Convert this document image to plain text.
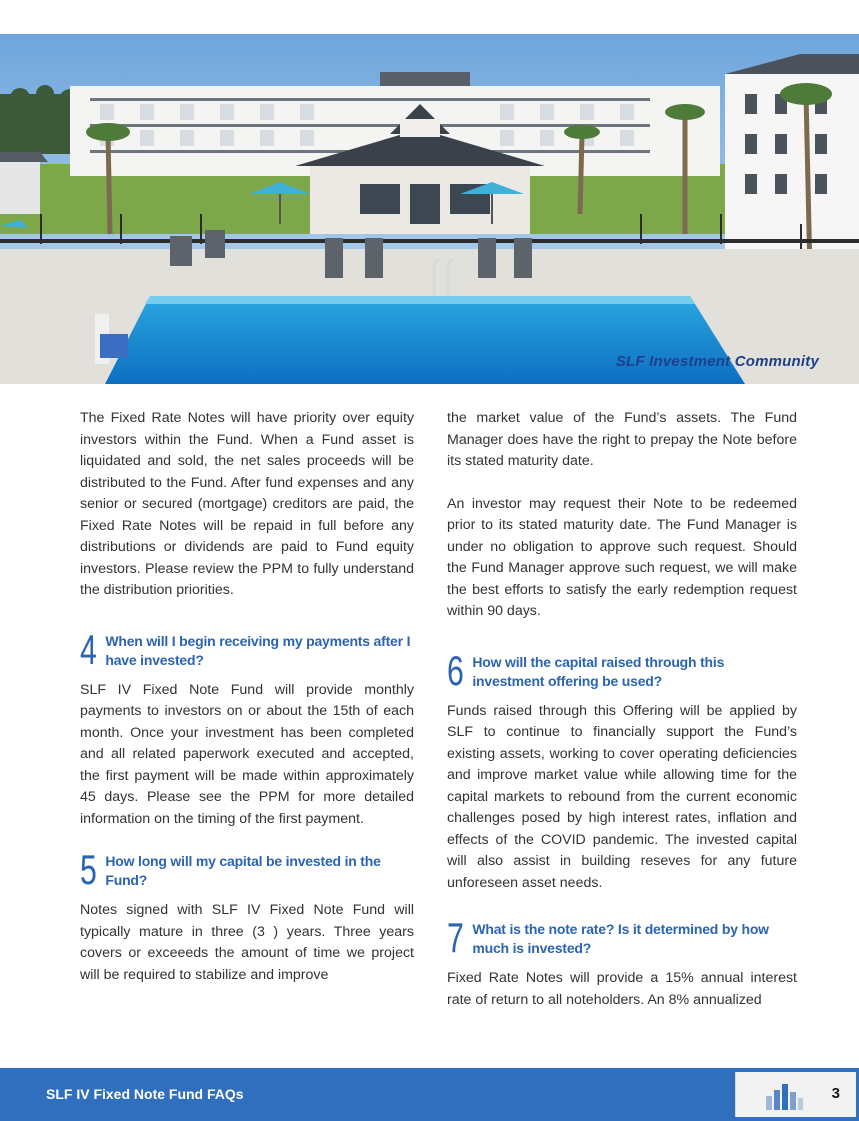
SLF Investment Community

The Fixed Rate Notes will have priority over equity investors within the Fund. When a Fund asset is liquidated and sold, the net sales proceeds will be distributed to the Fund. After fund expenses and any senior or secured (mortgage) creditors are paid, the Fixed Rate Notes will be repaid in full before any distributions or dividends are paid to Fund equity investors. Please review the PPM to fully understand the distribution priorities.

4 When will I begin receiving my payments after I have invested?

SLF IV Fixed Note Fund will provide monthly payments to investors on or about the 15th of each month. Once your investment has been completed and all related paperwork executed and accepted, the first payment will be made within approximately 45 days. Please see the PPM for more detailed information on the timing of the first payment.

5 How long will my capital be invested in the Fund?

Notes signed with SLF IV Fixed Note Fund will typically mature in three (3 ) years. Three years covers or exceeeds the amount of time we project will be required to stabilize and improve

the market value of the Fund’s assets. The Fund Manager does have the right to prepay the Note before its stated maturity date.

An investor may request their Note to be redeemed prior to its stated maturity date. The Fund Manager is under no obligation to approve such request. Should the Fund Manager approve such request, we will make the best efforts to satisfy the early redemption request within 90 days.

6 How will the capital raised through this investment offering be used?

Funds raised through this Offering will be applied by SLF to continue to financially support the Fund’s existing assets, working to cover operating deficiencies and improve market value while allowing time for the capital markets to rebound from the current economic challenges posed by high interest rates, inflation and effects of the COVID pandemic. The invested capital will also assist in building reseves for any future unforeseen asset needs.

7 What is the note rate? Is it determined by how much is invested?

Fixed Rate Notes will provide a 15% annual interest rate of return to all noteholders. An 8% annualized

SLF IV Fixed Note Fund FAQs	3
